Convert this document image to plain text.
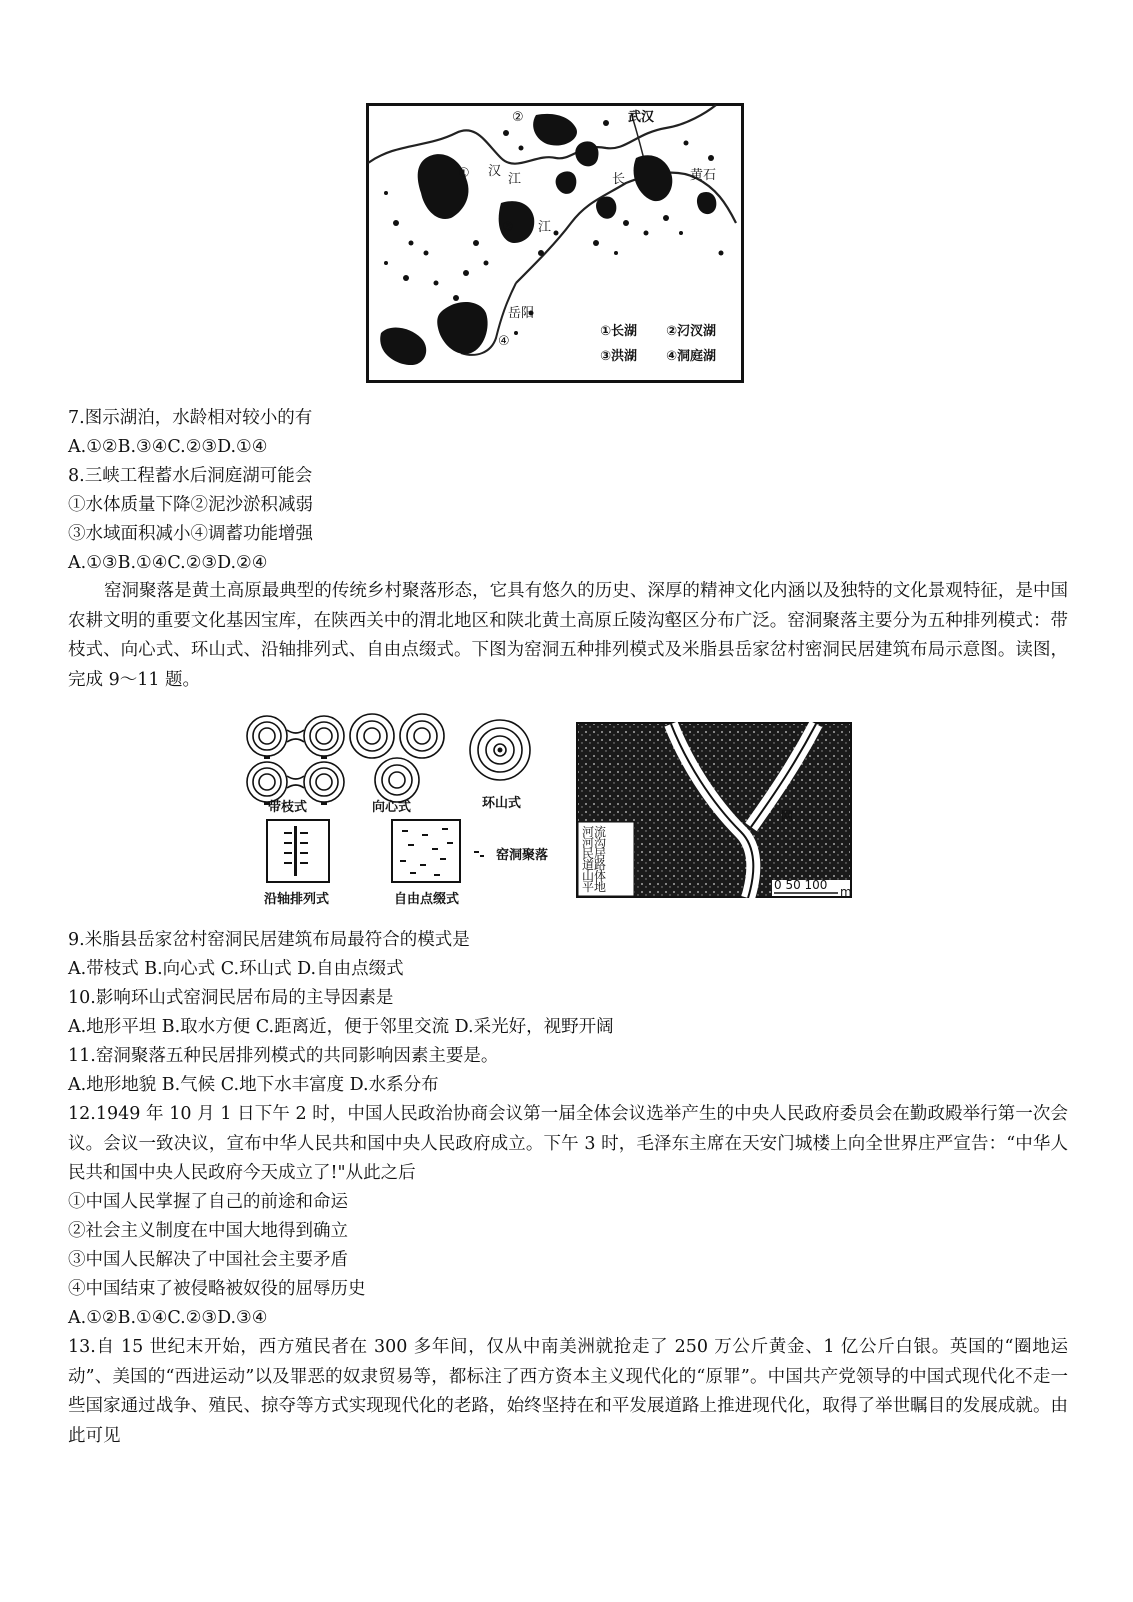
②	武汉
① 汉
江	长	黄石
③ 江
岳阳
④
①长湖 ②汈汊湖
③洪湖 ④洞庭湖
7.图示湖泊，水龄相对较小的有
A.①②B.③④C.②③D.①④
8.三峡工程蓄水后洞庭湖可能会
①水体质量下降②泥沙淤积减弱
③水域面积减小④调蓄功能增强
A.①③B.①④C.②③D.②④
窑洞聚落是黄土高原最典型的传统乡村聚落形态，它具有悠久的历史、深厚的精神文化内涵以及独特的文化景观特征，是中国农耕文明的重要文化基因宝库，在陕西关中的渭北地区和陕北黄土高原丘陵沟壑区分布广泛。窑洞聚落主要分为五种排列模式：带枝式、向心式、环山式、沿轴排列式、自由点缀式。下图为窑洞五种排列模式及米脂县岳家岔村密洞民居建筑布局示意图。读图，完成 9～11 题。
带枝式	向心式	环山式
沿轴排列式	自由点缀式
窑洞聚落
网
河流
河沟
民居
道路
山体
平地	0 50 100 m
9.米脂县岳家岔村窑洞民居建筑布局最符合的模式是
A.带枝式 B.向心式 C.环山式 D.自由点缀式
10.影响环山式窑洞民居布局的主导因素是
A.地形平坦 B.取水方便 C.距离近，便于邻里交流 D.采光好，视野开阔
11.窑洞聚落五种民居排列模式的共同影响因素主要是。
A.地形地貌 B.气候 C.地下水丰富度 D.水系分布
12.1949 年 10 月 1 日下午 2 时，中国人民政治协商会议第一届全体会议选举产生的中央人民政府委员会在勤政殿举行第一次会议。会议一致决议，宣布中华人民共和国中央人民政府成立。下午 3 时，毛泽东主席在天安门城楼上向全世界庄严宣告：“中华人民共和国中央人民政府今天成立了!"从此之后
①中国人民掌握了自己的前途和命运
②社会主义制度在中国大地得到确立
③中国人民解决了中国社会主要矛盾
④中国结束了被侵略被奴役的屈辱历史
A.①②B.①④C.②③D.③④
13.自 15 世纪末开始，西方殖民者在 300 多年间，仅从中南美洲就抢走了 250 万公斤黄金、1 亿公斤白银。英国的“圈地运动”、美国的“西进运动”以及罪恶的奴隶贸易等，都标注了西方资本主义现代化的“原罪”。中国共产党领导的中国式现代化不走一些国家通过战争、殖民、掠夺等方式实现现代化的老路，始终坚持在和平发展道路上推进现代化，取得了举世瞩目的发展成就。由此可见
